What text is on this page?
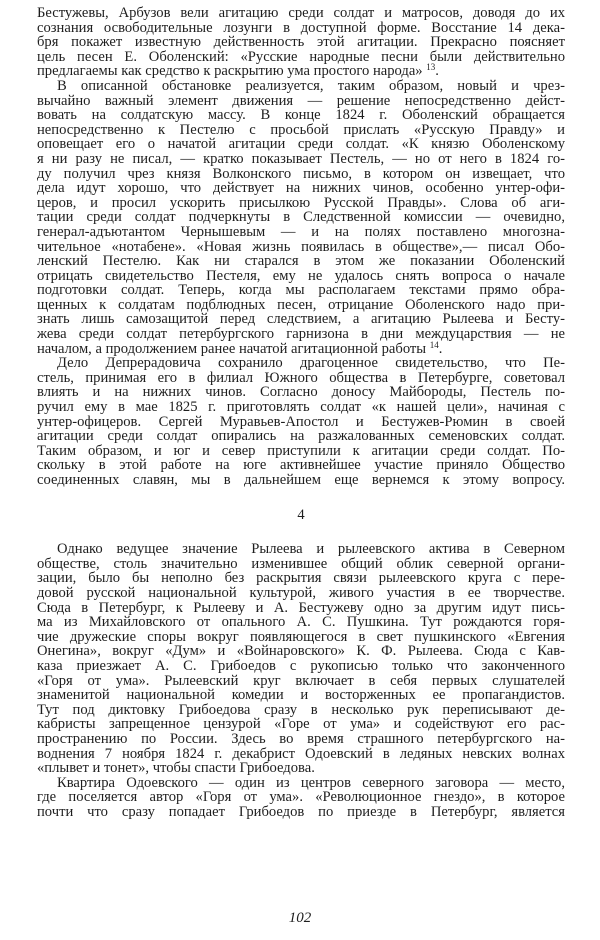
Бестужевы, Арбузов вели агитацию среди солдат и матросов, доводя до их
сознания освободительные лозунги в доступной форме. Восстание 14 дека-
бря покажет известную действенность этой агитации. Прекрасно поясняет
цель песен Е. Оболенский: «Русские народные песни были действительно
предлагаемы как средство к раскрытию ума простого народа» $^{13}$.
В описанной обстановке реализуется, таким образом, новый и чрез-
вычайно важный элемент движения — решение непосредственно дейст-
вовать на солдатскую массу. В конце 1824 г. Оболенский обращается
непосредственно к Пестелю с просьбой прислать «Русскую Правду» и
оповещает его о начатой агитации среди солдат. «К князю Оболенскому
я ни разу не писал, — кратко показывает Пестель, — но от него в 1824 го-
ду получил чрез князя Волконского письмо, в котором он извещает, что
дела идут хорошо, что действует на нижних чинов, особенно унтер-офи-
церов, и просил ускорить присылкою Русской Правды». Слова об аги-
тации среди солдат подчеркнуты в Следственной комиссии — очевидно,
генерал-адъютантом Чернышевым — и на полях поставлено многозна-
чительное «нотабене». «Новая жизнь появилась в обществе»,— писал Обо-
ленский Пестелю. Как ни старался в этом же показании Оболенский
отрицать свидетельство Пестеля, ему не удалось снять вопроса о начале
подготовки солдат. Теперь, когда мы располагаем текстами прямо обра-
щенных к солдатам подблюдных песен, отрицание Оболенского надо при-
знать лишь самозащитой перед следствием, а агитацию Рылеева и Бесту-
жева среди солдат петербургского гарнизона в дни междуцарствия — не
началом, а продолжением ранее начатой агитационной работы $^{14}$.
Дело Депрерадовича сохранило драгоценное свидетельство, что Пе-
стель, принимая его в филиал Южного общества в Петербурге, советовал
влиять и на нижних чинов. Согласно доносу Майбороды, Пестель по-
ручил ему в мае 1825 г. приготовлять солдат «к нашей цели», начиная с
унтер-офицеров. Сергей Муравьев-Апостол и Бестужев-Рюмин в своей
агитации среди солдат опирались на разжалованных семеновских солдат.
Таким образом, и юг и север приступили к агитации среди солдат. По-
скольку в этой работе на юге активнейшее участие приняло Общество
соединенных славян, мы в дальнейшем еще вернемся к этому вопросу.
4
Однако ведущее значение Рылеева и рылеевского актива в Северном
обществе, столь значительно изменившее общий облик северной органи-
зации, было бы неполно без раскрытия связи рылеевского круга с пере-
довой русской национальной культурой, живого участия в ее творчестве.
Сюда в Петербург, к Рылееву и А. Бестужеву одно за другим идут пись-
ма из Михайловского от опального А. С. Пушкина. Тут рождаются горя-
чие дружеские споры вокруг появляющегося в свет пушкинского «Евгения
Онегина», вокруг «Дум» и «Войнаровского» К. Ф. Рылеева. Сюда с Кав-
каза приезжает А. С. Грибоедов с рукописью только что законченного
«Горя от ума». Рылеевский круг включает в себя первых слушателей
знаменитой национальной комедии и восторженных ее пропагандистов.
Тут под диктовку Грибоедова сразу в несколько рук переписывают де-
кабристы запрещенное цензурой «Горе от ума» и содействуют его рас-
пространению по России. Здесь во время страшного петербургского на-
воднения 7 ноября 1824 г. декабрист Одоевский в ледяных невских волнах
«плывет и тонет», чтобы спасти Грибоедова.
Квартира Одоевского — один из центров северного заговора — место,
где поселяется автор «Горя от ума». «Революционное гнездо», в которое
почти что сразу попадает Грибоедов по приезде в Петербург, является
102
